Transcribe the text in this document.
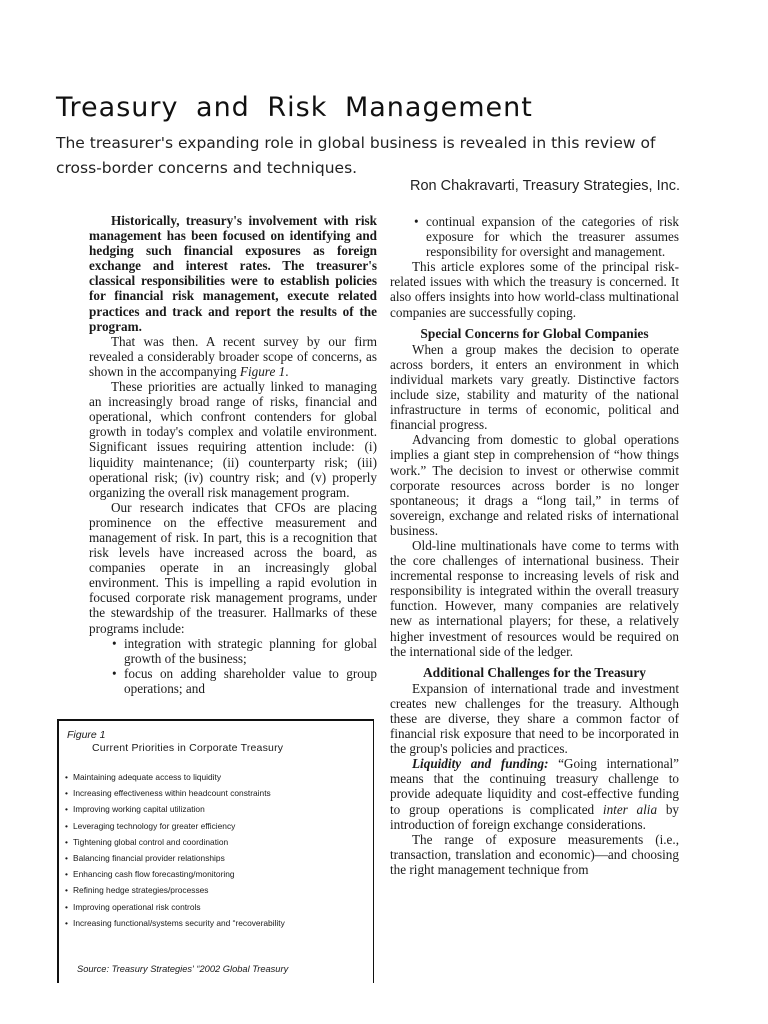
Treasury and Risk Management

The treasurer's expanding role in global business is revealed in this review of cross-border concerns and techniques.

Ron Chakravarti, Treasury Strategies, Inc.

Historically, treasury's involvement with risk management has been focused on identifying and hedging such financial exposures as foreign exchange and interest rates. The treasurer's classical responsibilities were to establish policies for financial risk management, execute related practices and track and report the results of the program.

That was then. A recent survey by our firm revealed a considerably broader scope of concerns, as shown in the accompanying Figure 1.

These priorities are actually linked to managing an increasingly broad range of risks, financial and operational, which confront contenders for global growth in today's complex and volatile environment. Significant issues requiring attention include: (i) liquidity maintenance; (ii) counterparty risk; (iii) operational risk; (iv) country risk; and (v) properly organizing the overall risk management program.

Our research indicates that CFOs are placing prominence on the effective measurement and management of risk. In part, this is a recognition that risk levels have increased across the board, as companies operate in an increasingly global environment. This is impelling a rapid evolution in focused corporate risk management programs, under the stewardship of the treasurer. Hallmarks of these programs include:

• integration with strategic planning for global growth of the business;
• focus on adding shareholder value to group operations; and
• continual expansion of the categories of risk exposure for which the treasurer assumes responsibility for oversight and management.

This article explores some of the principal risk-related issues with which the treasury is concerned. It also offers insights into how world-class multinational companies are successfully coping.

Special Concerns for Global Companies

When a group makes the decision to operate across borders, it enters an environment in which individual markets vary greatly. Distinctive factors include size, stability and maturity of the national infrastructure in terms of economic, political and financial progress.

Advancing from domestic to global operations implies a giant step in comprehension of “how things work.” The decision to invest or otherwise commit corporate resources across border is no longer spontaneous; it drags a “long tail,” in terms of sovereign, exchange and related risks of international business.

Old-line multinationals have come to terms with the core challenges of international business. Their incremental response to increasing levels of risk and responsibility is integrated within the overall treasury function. However, many companies are relatively new as international players; for these, a relatively higher investment of resources would be required on the international side of the ledger.

Additional Challenges for the Treasury

Expansion of international trade and investment creates new challenges for the treasury. Although these are diverse, they share a common factor of financial risk exposure that need to be incorporated in the group's policies and practices.

Liquidity and funding: “Going international” means that the continuing treasury challenge to provide adequate liquidity and cost-effective funding to group operations is complicated inter alia by introduction of foreign exchange considerations.

The range of exposure measurements (i.e., transaction, translation and economic)—and choosing the right management technique from

Figure 1
Current Priorities in Corporate Treasury
• Maintaining adequate access to liquidity
• Increasing effectiveness within headcount constraints
• Improving working capital utilization
• Leveraging technology for greater efficiency
• Tightening global control and coordination
• Balancing financial provider relationships
• Enhancing cash flow forecasting/monitoring
• Refining hedge strategies/processes
• Improving operational risk controls
• Increasing functional/systems security and “recoverability
Source: Treasury Strategies' “2002 Global Treasury
